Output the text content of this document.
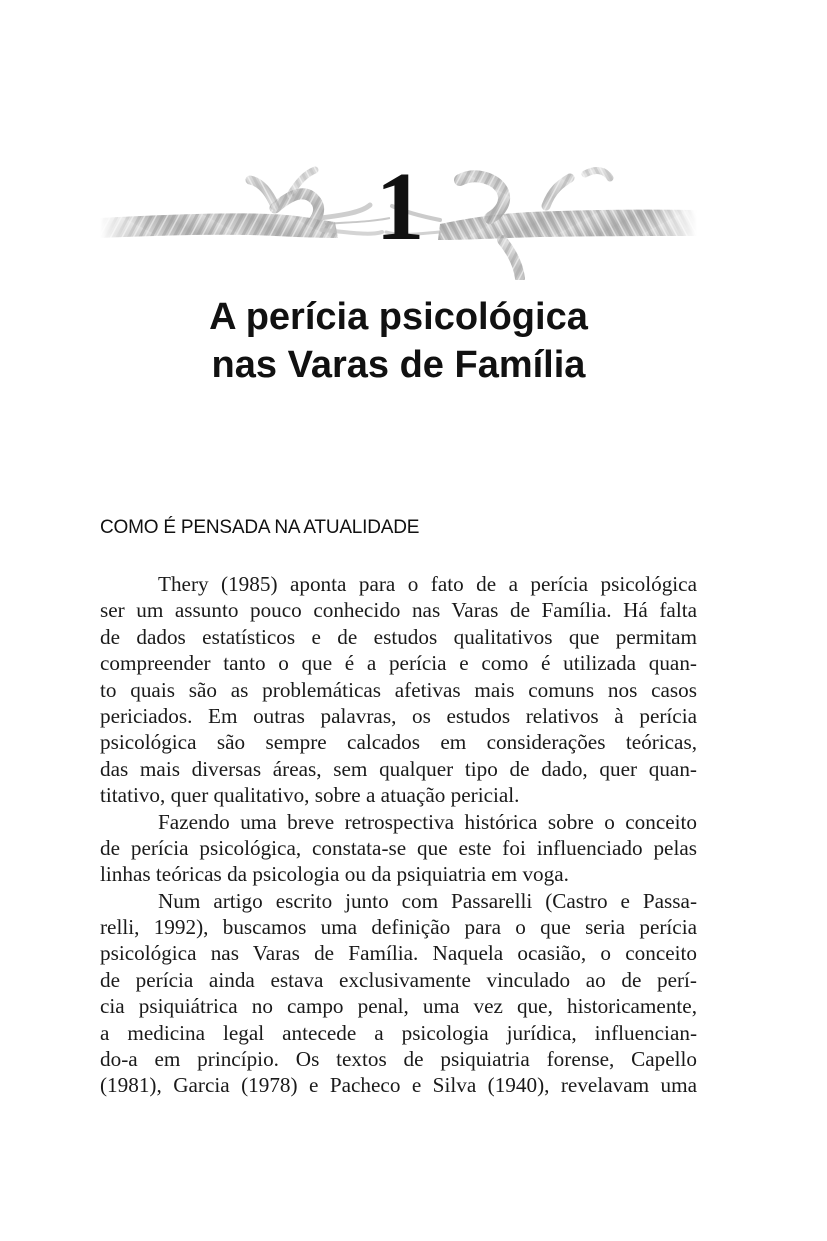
1
A perícia psicológica
nas Varas de Família
COMO É PENSADA NA ATUALIDADE
Thery (1985) aponta para o fato de a perícia psicológica
ser um assunto pouco conhecido nas Varas de Família. Há falta
de dados estatísticos e de estudos qualitativos que permitam
compreender tanto o que é a perícia e como é utilizada quan-
to quais são as problemáticas afetivas mais comuns nos casos
periciados. Em outras palavras, os estudos relativos à perícia
psicológica são sempre calcados em considerações teóricas,
das mais diversas áreas, sem qualquer tipo de dado, quer quan-
titativo, quer qualitativo, sobre a atuação pericial.
Fazendo uma breve retrospectiva histórica sobre o conceito
de perícia psicológica, constata-se que este foi influenciado pelas
linhas teóricas da psicologia ou da psiquiatria em voga.
Num artigo escrito junto com Passarelli (Castro e Passa-
relli, 1992), buscamos uma definição para o que seria perícia
psicológica nas Varas de Família. Naquela ocasião, o conceito
de perícia ainda estava exclusivamente vinculado ao de perí-
cia psiquiátrica no campo penal, uma vez que, historicamente,
a medicina legal antecede a psicologia jurídica, influencian-
do-a em princípio. Os textos de psiquiatria forense, Capello
(1981), Garcia (1978) e Pacheco e Silva (1940), revelavam uma
